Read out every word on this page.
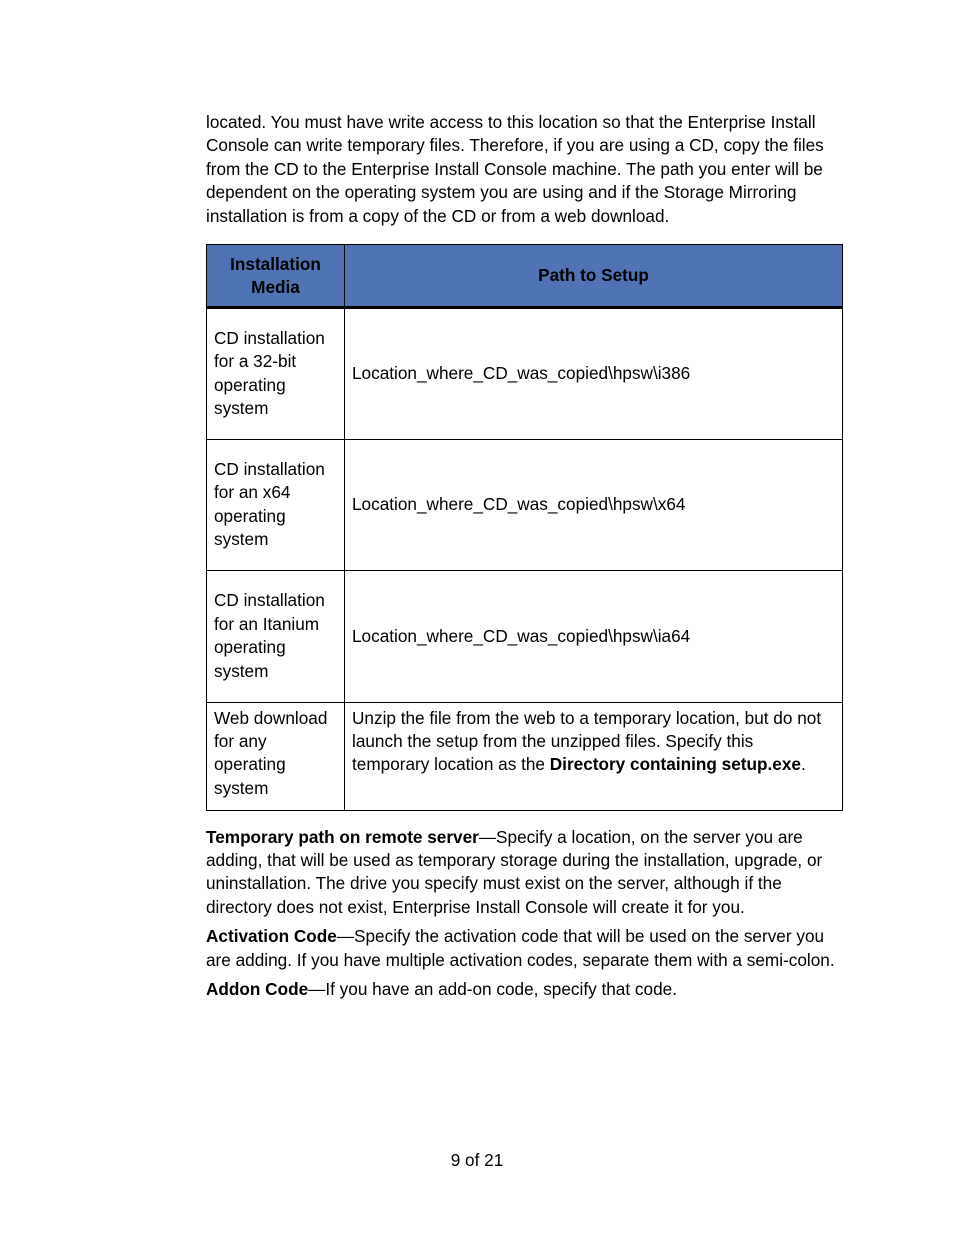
located. You must have write access to this location so that the Enterprise Install Console can write temporary files. Therefore, if you are using a CD, copy the files from the CD to the Enterprise Install Console machine. The path you enter will be dependent on the operating system you are using and if the Storage Mirroring installation is from a copy of the CD or from a web download.

Installation Media	Path to Setup
CD installation for a 32-bit operating system	Location_where_CD_was_copied\hpsw\i386
CD installation for an x64 operating system	Location_where_CD_was_copied\hpsw\x64
CD installation for an Itanium operating system	Location_where_CD_was_copied\hpsw\ia64
Web download for any operating system	Unzip the file from the web to a temporary location, but do not launch the setup from the unzipped files. Specify this temporary location as the Directory containing setup.exe.

Temporary path on remote server—Specify a location, on the server you are adding, that will be used as temporary storage during the installation, upgrade, or uninstallation. The drive you specify must exist on the server, although if the directory does not exist, Enterprise Install Console will create it for you.

Activation Code—Specify the activation code that will be used on the server you are adding. If you have multiple activation codes, separate them with a semi-colon.

Addon Code—If you have an add-on code, specify that code.

9 of 21
